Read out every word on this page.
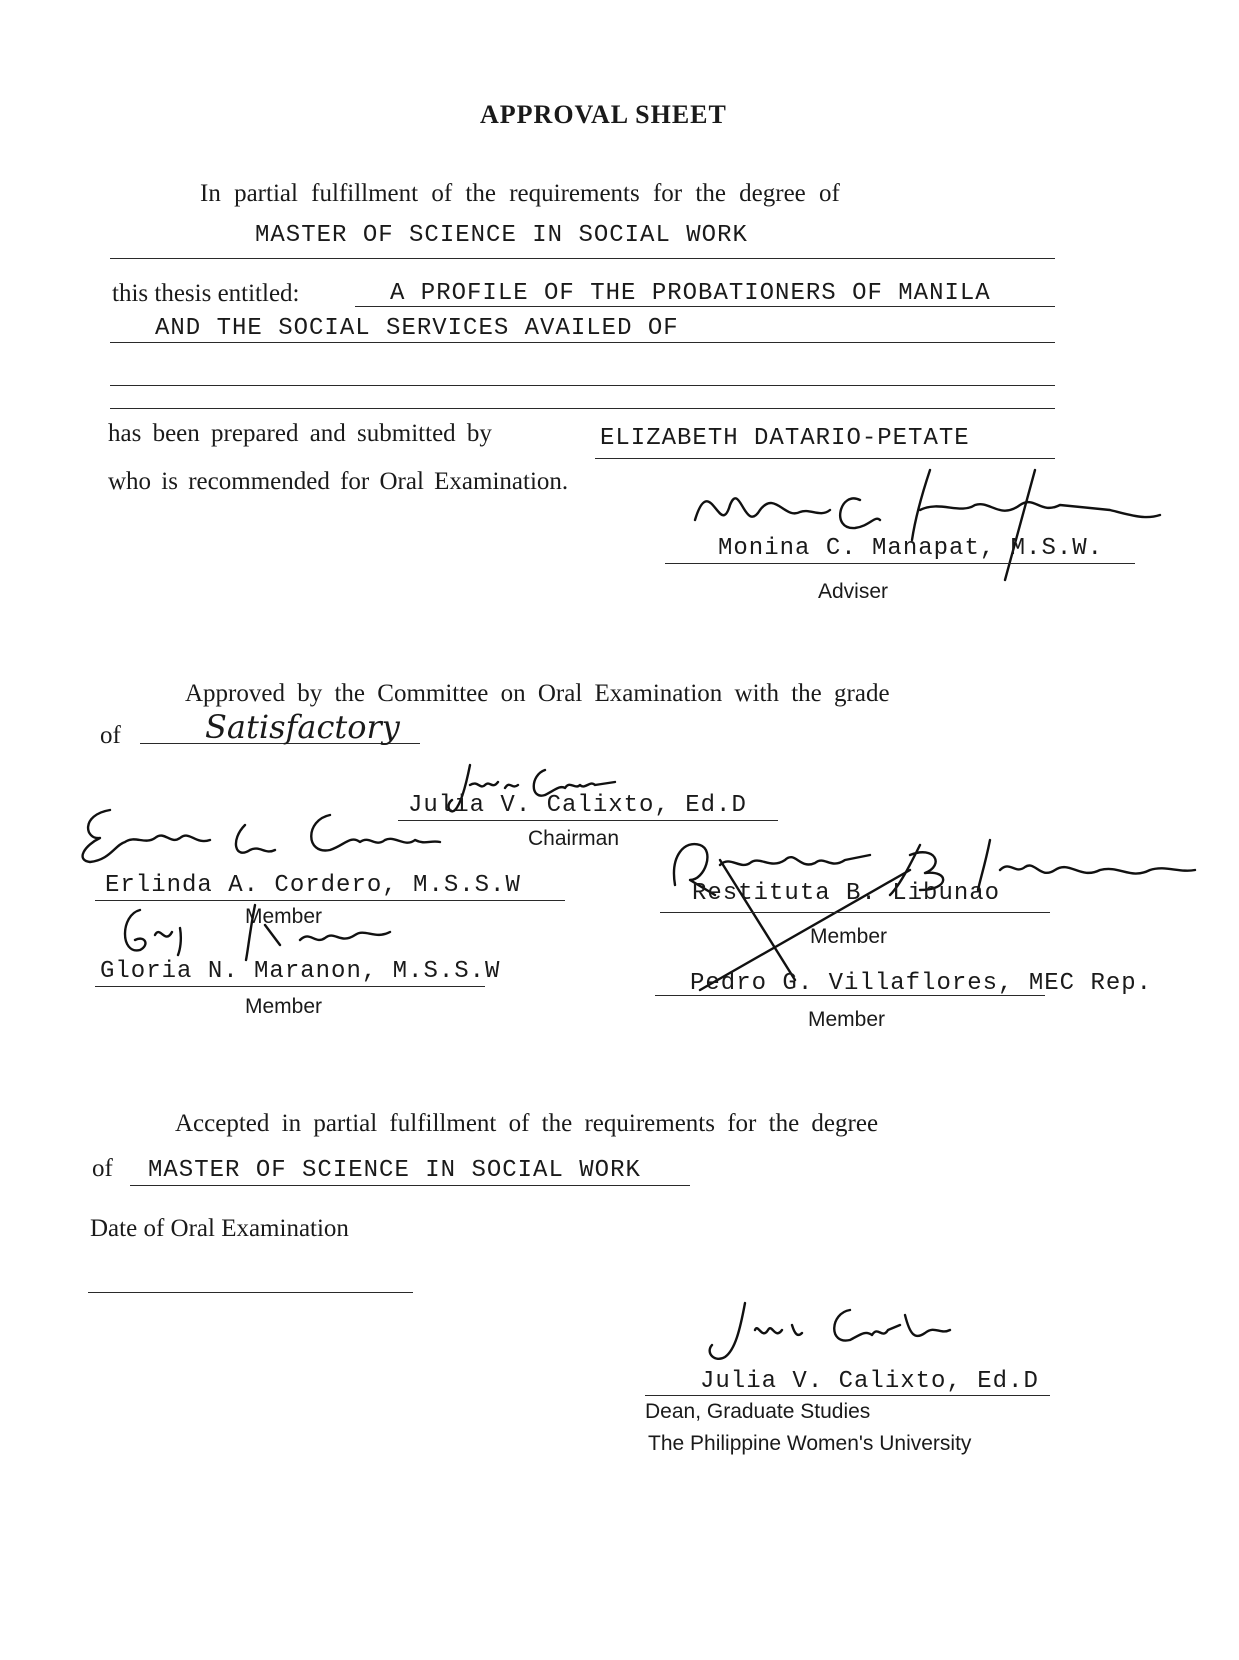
APPROVAL SHEET
In partial fulfillment of the requirements for the degree of
MASTER OF SCIENCE IN SOCIAL WORK
this thesis entitled:	A PROFILE OF THE PROBATIONERS OF MANILA
AND THE SOCIAL SERVICES AVAILED OF
has been prepared and submitted by	ELIZABETH DATARIO-PETATE
who is recommended for Oral Examination.
Monina C. Manapat, M.S.W.
Adviser
Approved by the Committee on Oral Examination with the grade
of	Satisfactory
Julia V. Calixto, Ed.D
Chairman
Erlinda A. Cordero, M.S.S.W
Member
Restituta B. Libunao
Member
Gloria N. Maranon, M.S.S.W
Member
Pedro G. Villaflores, MEC Rep.
Member
Accepted in partial fulfillment of the requirements for the degree
of MASTER OF SCIENCE IN SOCIAL WORK
Date of Oral Examination
Julia V. Calixto, Ed.D
Dean, Graduate Studies
The Philippine Women's University
